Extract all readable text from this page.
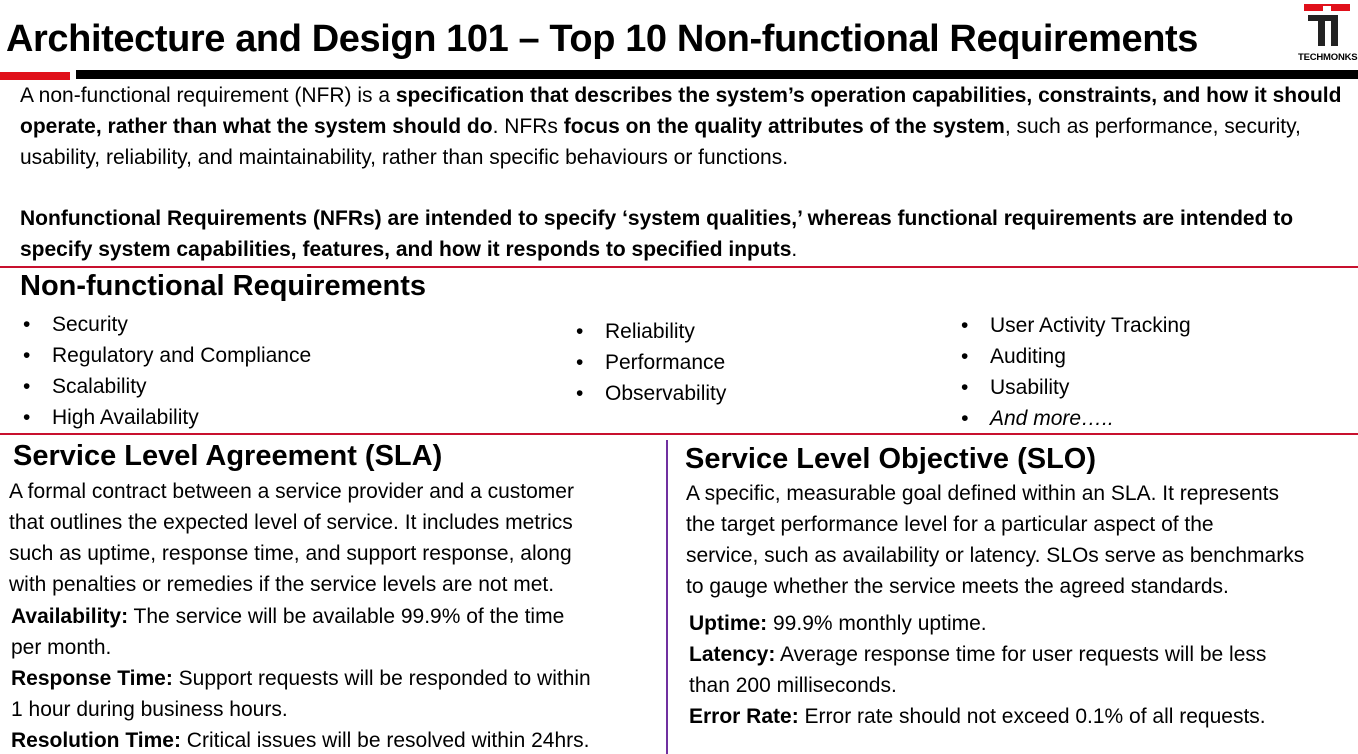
Architecture and Design 101 – Top 10 Non-functional Requirements	TECHMONKS
A non-functional requirement (NFR) is a specification that describes the system’s operation capabilities, constraints, and how it should operate, rather than what the system should do. NFRs focus on the quality attributes of the system, such as performance, security, usability, reliability, and maintainability, rather than specific behaviours or functions.
Nonfunctional Requirements (NFRs) are intended to specify ‘system qualities,’ whereas functional requirements are intended to specify system capabilities, features, and how it responds to specified inputs.
Non-functional Requirements
• Security
• Regulatory and Compliance
• Scalability
• High Availability
• Reliability
• Performance
• Observability
• User Activity Tracking
• Auditing
• Usability
• And more…..
Service Level Agreement (SLA)
A formal contract between a service provider and a customer
that outlines the expected level of service. It includes metrics
such as uptime, response time, and support response, along
with penalties or remedies if the service levels are not met.
Availability: The service will be available 99.9% of the time
per month.
Response Time: Support requests will be responded to within
1 hour during business hours.
Resolution Time: Critical issues will be resolved within 24hrs.
Service Level Objective (SLO)
A specific, measurable goal defined within an SLA. It represents
the target performance level for a particular aspect of the
service, such as availability or latency. SLOs serve as benchmarks
to gauge whether the service meets the agreed standards.
Uptime: 99.9% monthly uptime.
Latency: Average response time for user requests will be less
than 200 milliseconds.
Error Rate: Error rate should not exceed 0.1% of all requests.
